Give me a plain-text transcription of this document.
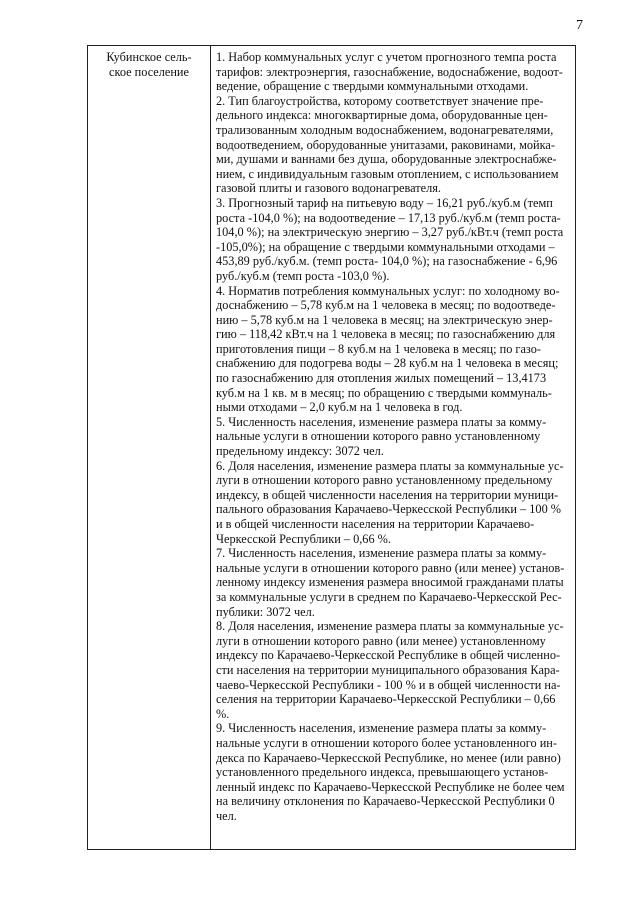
7

Кубинское сель-
ское поселение

1. Набор коммунальных услуг с учетом прогнозного темпа роста
тарифов: электроэнергия, газоснабжение, водоснабжение, водоот-
ведение, обращение с твердыми коммунальными отходами.

2. Тип благоустройства, которому соответствует значение пре-
дельного индекса: многоквартирные дома, оборудованные цен-
трализованным холодным водоснабжением, водонагревателями,
водоотведением, оборудованные унитазами, раковинами, мойка-
ми, душами и ваннами без душа, оборудованные электроснабже-
нием, с индивидуальным газовым отоплением, с использованием
газовой плиты и газового водонагревателя.

3. Прогнозный тариф на питьевую воду – 16,21 руб./куб.м (темп
роста -104,0 %); на водоотведение – 17,13 руб./куб.м (темп роста-
104,0 %); на электрическую энергию – 3,27 руб./кВт.ч (темп роста
-105,0%); на обращение с твердыми коммунальными отходами –
453,89 руб./куб.м. (темп роста- 104,0 %); на газоснабжение - 6,96
руб./куб.м (темп роста -103,0 %).

4. Норматив потребления коммунальных услуг: по холодному во-
доснабжению – 5,78 куб.м на 1 человека в месяц; по водоотведе-
нию – 5,78 куб.м на 1 человека в месяц; на электрическую энер-
гию – 118,42 кВт.ч на 1 человека в месяц; по газоснабжению для
приготовления пищи – 8 куб.м на 1 человека в месяц; по газо-
снабжению для подогрева воды – 28 куб.м на 1 человека в месяц;
по газоснабжению для отопления жилых помещений – 13,4173
куб.м на 1 кв. м в месяц; по обращению с твердыми коммуналь-
ными отходами – 2,0 куб.м на 1 человека в год.

5. Численность населения, изменение размера платы за комму-
нальные услуги в отношении которого равно установленному
предельному индексу: 3072 чел.

6. Доля населения, изменение размера платы за коммунальные ус-
луги в отношении которого равно установленному предельному
индексу, в общей численности населения на территории муници-
пального образования Карачаево-Черкесской Республики – 100 %
и в общей численности населения на территории Карачаево-
Черкесской Республики – 0,66 %.

7. Численность населения, изменение размера платы за комму-
нальные услуги в отношении которого равно (или менее) установ-
ленному индексу изменения размера вносимой гражданами платы
за коммунальные услуги в среднем по Карачаево-Черкесской Рес-
публики: 3072 чел.

8. Доля населения, изменение размера платы за коммунальные ус-
луги в отношении которого равно (или менее) установленному
индексу по Карачаево-Черкесской Республике в общей численно-
сти населения на территории муниципального образования Кара-
чаево-Черкесской Республики - 100 % и в общей численности на-
селения на территории Карачаево-Черкесской Республики – 0,66
%.

9. Численность населения, изменение размера платы за комму-
нальные услуги в отношении которого более установленного ин-
декса по Карачаево-Черкесской Республике, но менее (или равно)
установленного предельного индекса, превышающего установ-
ленный индекс по Карачаево-Черкесской Республике не более чем
на величину отклонения по Карачаево-Черкесской Республики 0
чел.
